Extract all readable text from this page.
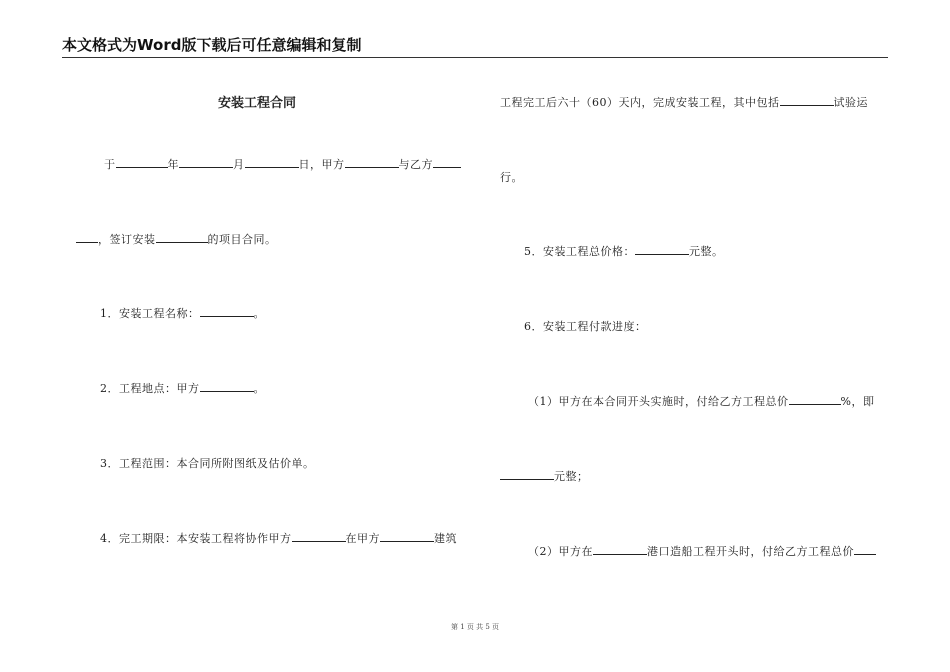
本文格式为Word版下载后可任意编辑和复制
安装工程合同
于	年	月	日，甲方	与乙方
，签订安装	的项目合同。
1．安装工程名称：	。
2．工程地点：甲方	。
3．工程范围：本合同所附图纸及估价单。
4．完工期限：本安装工程将协作甲方	在甲方	建筑
工程完工后六十（60）天内，完成安装工程，其中包括	试验运
行。
5．安装工程总价格：	元整。
6．安装工程付款进度：
（1）甲方在本合同开头实施时，付给乙方工程总价	%，即
元整；
（2）甲方在	港口造船工程开头时，付给乙方工程总价
第 1 页 共 5 页
